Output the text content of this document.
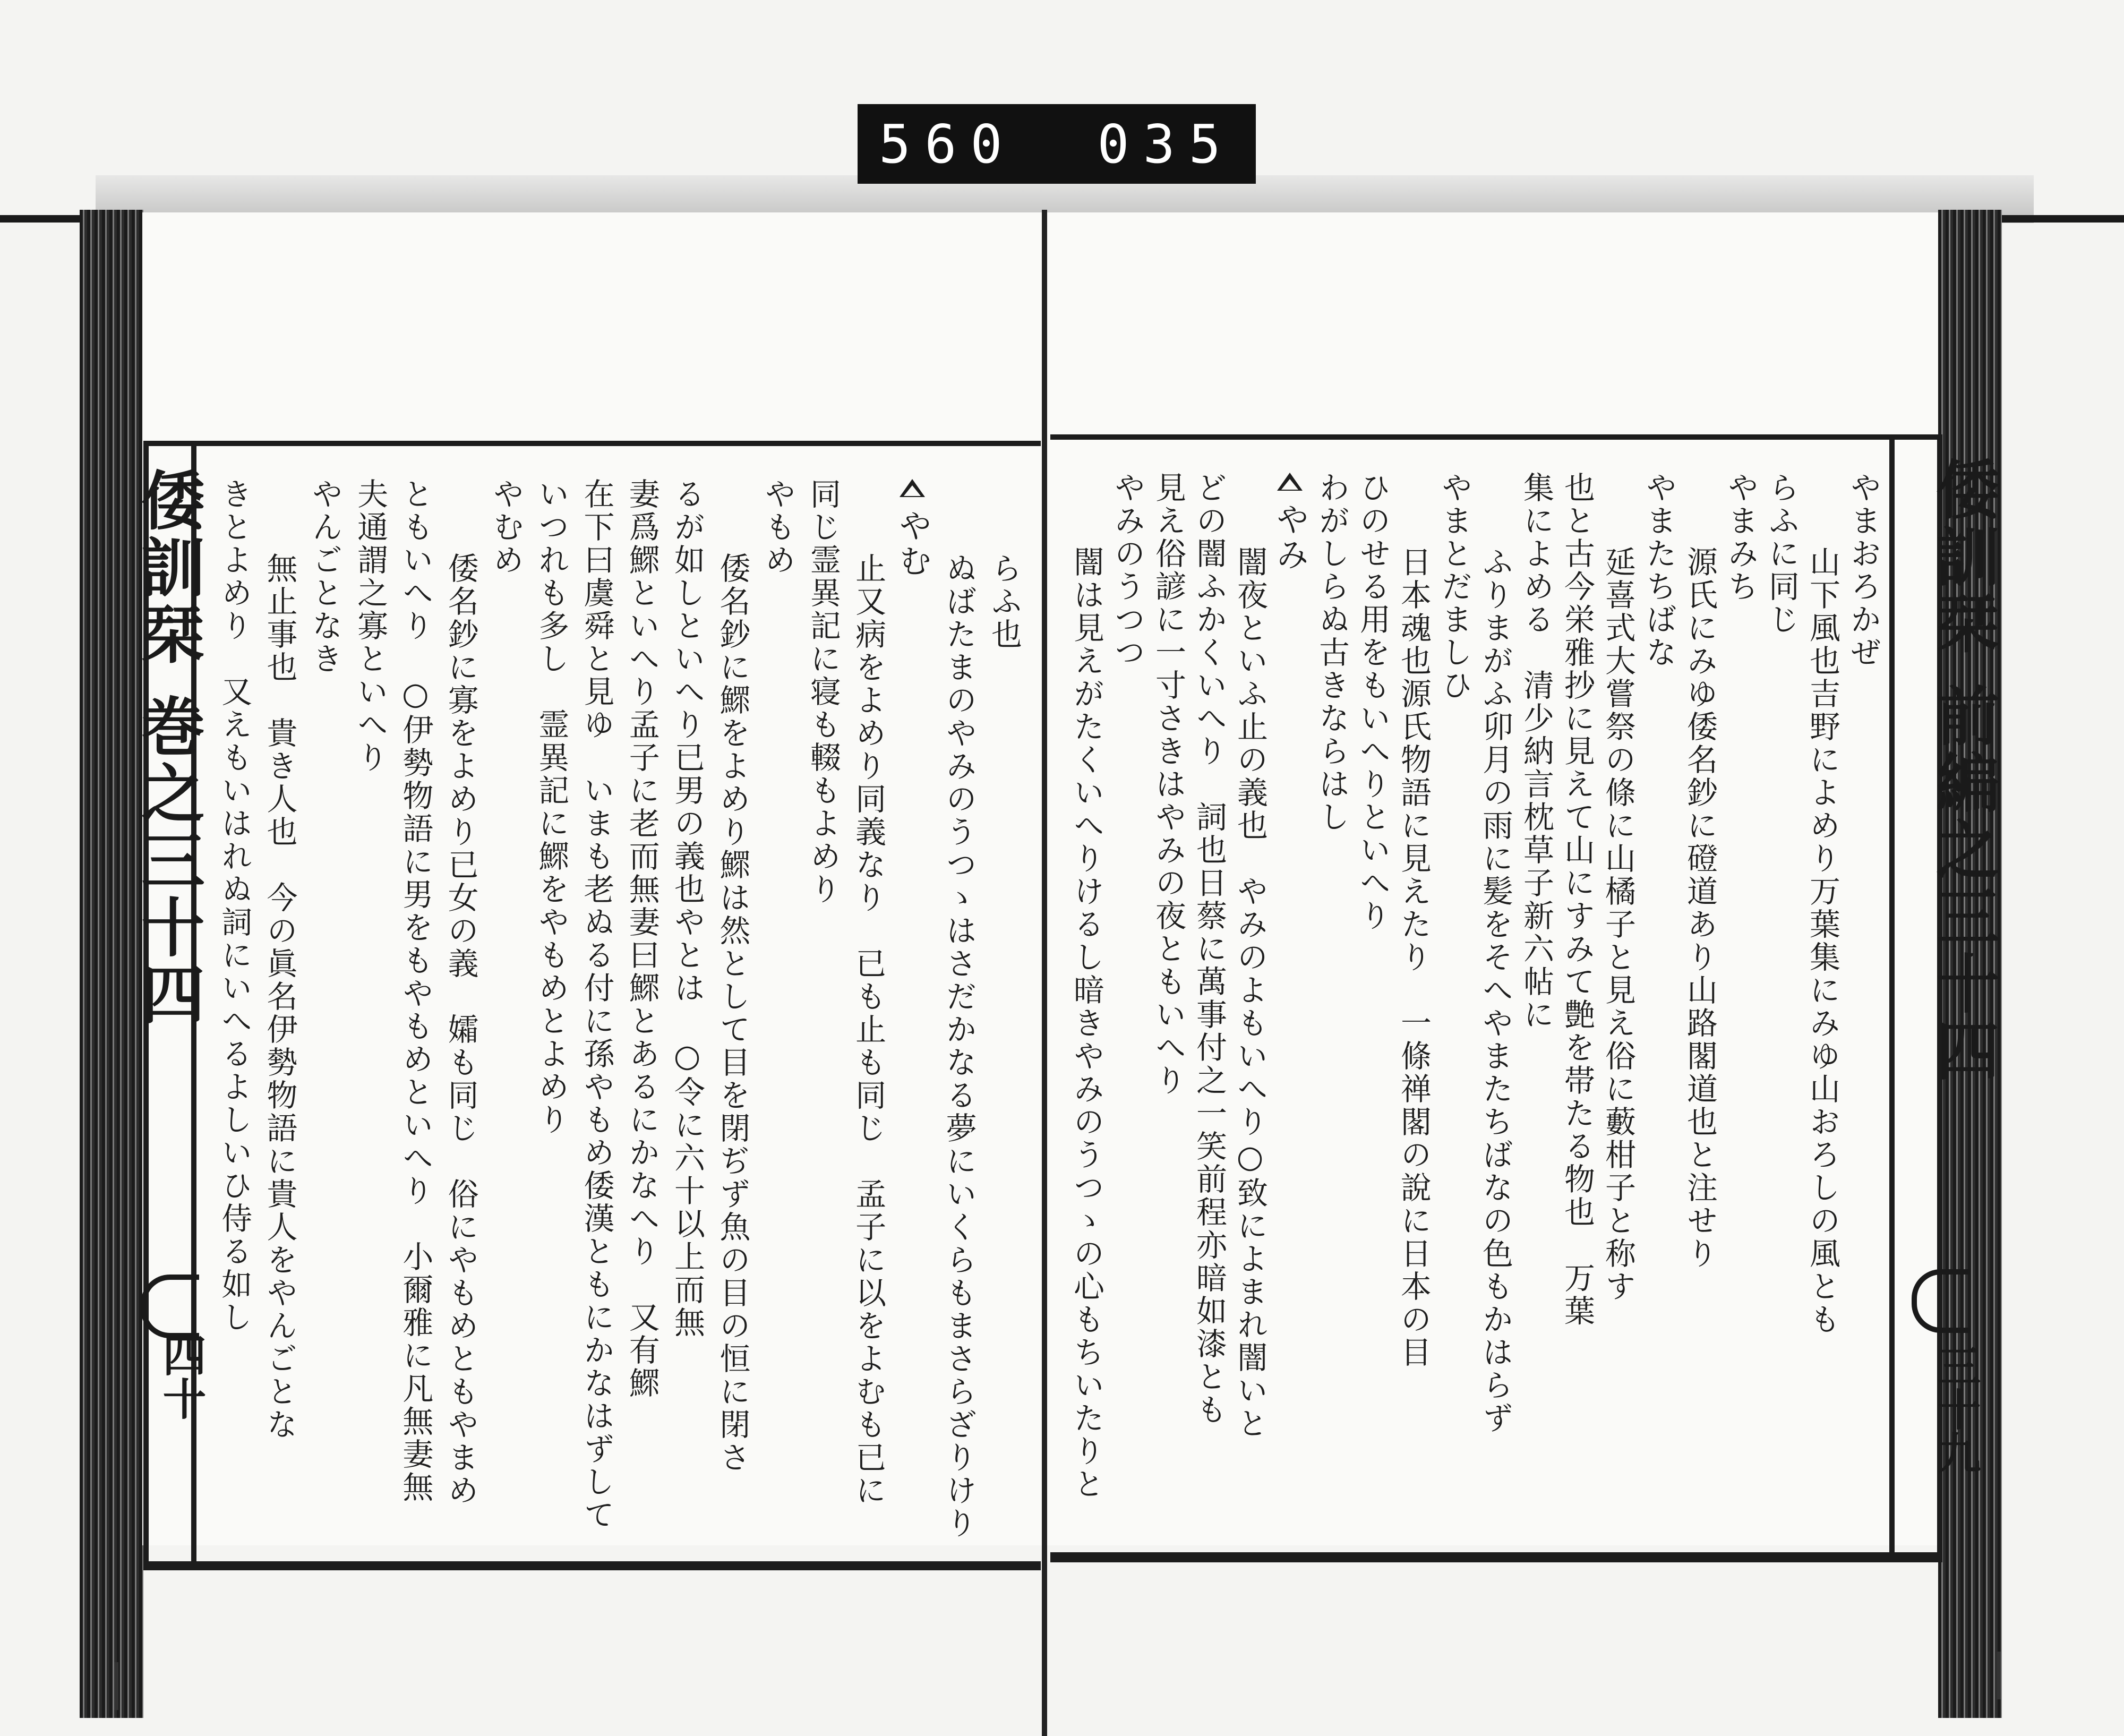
560 035
らふ也
ぬばたまのやみのうつゝはさだかなる夢にいくらもまさらざりけり
やむ
止又病をよめり同義なり　已も止も同じ　孟子に以をよむも已に
同じ霊異記に寝も輟もよめり
やもめ
倭名鈔に鰥をよめり鰥は然として目を閉ぢず魚の目の恒に閉さ
るが如しといへり已男の義也やとは　○令に六十以上而無
妻爲鰥といへり孟子に老而無妻曰鰥とあるにかなへり　又有鰥
在下曰虞舜と見ゆ　いまも老ぬる付に孫やもめ倭漢ともにかなはずして
いつれも多し　霊異記に鰥をやもめとよめり
やむめ
倭名鈔に寡をよめり已女の義　孀も同じ　俗にやもめともやまめ
ともいへり　○伊勢物語に男をもやもめといへり　小爾雅に凡無妻無
夫通謂之寡といへり
やんごとなき
無止事也　貴き人也　今の眞名伊勢物語に貴人をやんごとな
きとよめり　又えもいはれぬ詞にいへるよしいひ侍る如し	やまおろかぜ
山下風也吉野によめり万葉集にみゆ山おろしの風とも
らふに同じ
やまみち
源氏にみゆ倭名鈔に磴道あり山路閣道也と注せり
やまたちばな
延喜式大嘗祭の條に山橘子と見え俗に藪柑子と称す
也と古今栄雅抄に見えて山にすみて艶を帯たる物也　万葉
集によめる　清少納言枕草子新六帖に
ふりまがふ卯月の雨に髪をそへやまたちばなの色もかはらず
やまとだましひ
日本魂也源氏物語に見えたり　一條禅閣の說に日本の目
ひのせる用をもいへりといへり
わがしらぬ古きならはし
やみ
闇夜といふ止の義也　やみのよもいへり○致によまれ闇いと
どの闇ふかくいへり　詞也日蔡に萬事付之一笑前程亦暗如漆とも
見え俗諺に一寸さきはやみの夜ともいへり
やみのうつつ
闇は見えがたくいへりけるし暗きやみのうつゝの心もちいたりと
倭訓栞 巻之三十四
倭訓栞 前編之三十四
四十	三十九
